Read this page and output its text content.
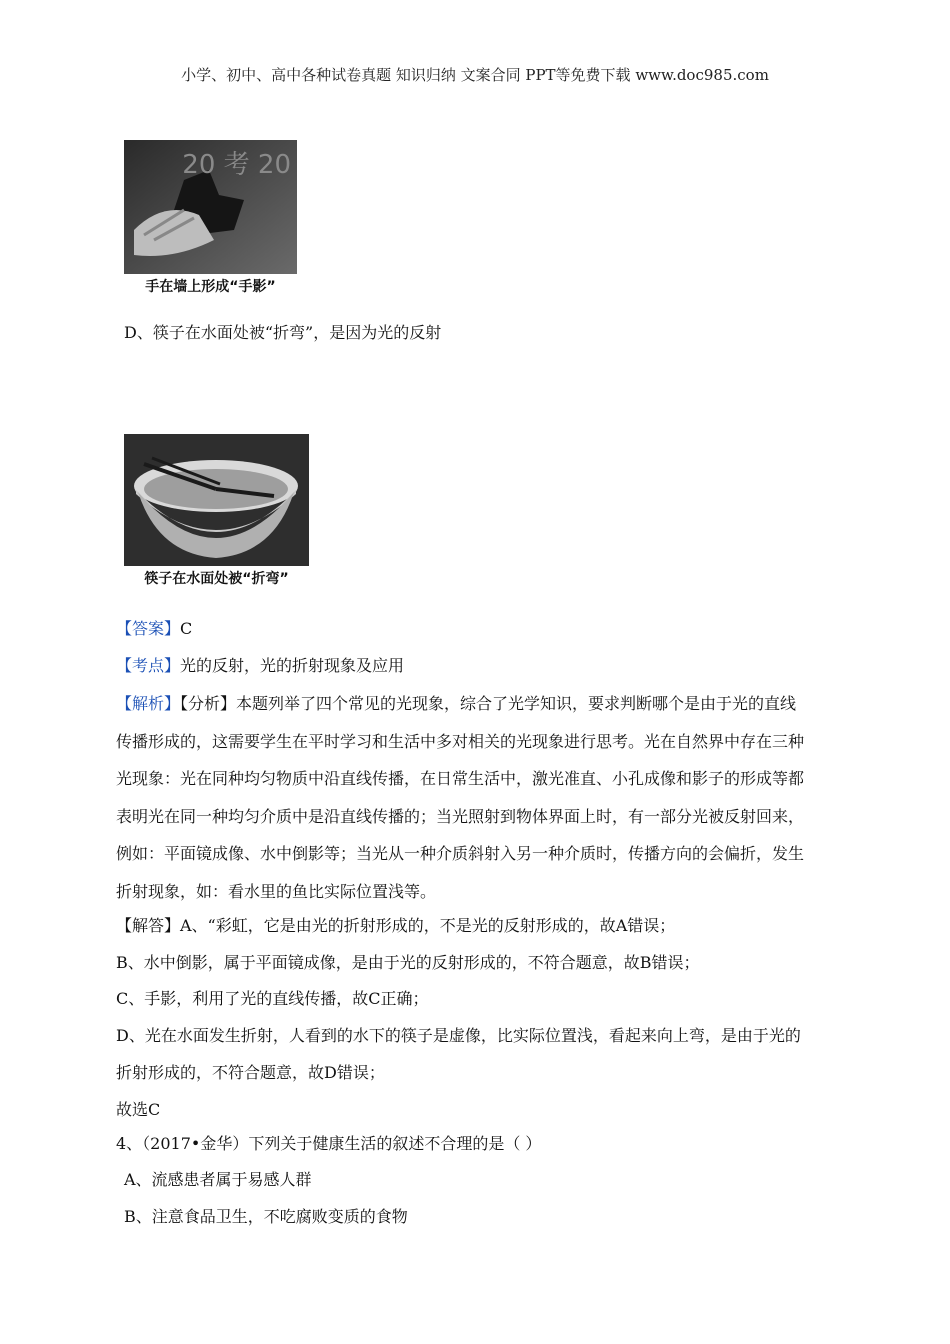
小学、初中、高中各种试卷真题 知识归纳 文案合同 PPT等免费下载 www.doc985.com
20 考 20
手在墙上形成“手影”
D、筷子在水面处被“折弯”，是因为光的反射
筷子在水面处被“折弯”
【答案】C
【考点】光的反射，光的折射现象及应用
【解析】【分析】本题列举了四个常见的光现象，综合了光学知识，要求判断哪个是由于光的直线
传播形成的，这需要学生在平时学习和生活中多对相关的光现象进行思考。光在自然界中存在三种
光现象：光在同种均匀物质中沿直线传播，在日常生活中，激光准直、小孔成像和影子的形成等都
表明光在同一种均匀介质中是沿直线传播的；当光照射到物体界面上时，有一部分光被反射回来，
例如：平面镜成像、水中倒影等；当光从一种介质斜射入另一种介质时，传播方向的会偏折，发生
折射现象，如：看水里的鱼比实际位置浅等。
【解答】A、“彩虹，它是由光的折射形成的，不是光的反射形成的，故A错误；
B、水中倒影，属于平面镜成像，是由于光的反射形成的，不符合题意，故B错误；
C、手影，利用了光的直线传播，故C正确；
D、光在水面发生折射，人看到的水下的筷子是虚像，比实际位置浅，看起来向上弯，是由于光的
折射形成的，不符合题意，故D错误；
故选C
4、（2017•金华）下列关于健康生活的叙述不合理的是（ ）
A、流感患者属于易感人群
B、注意食品卫生，不吃腐败变质的食物
